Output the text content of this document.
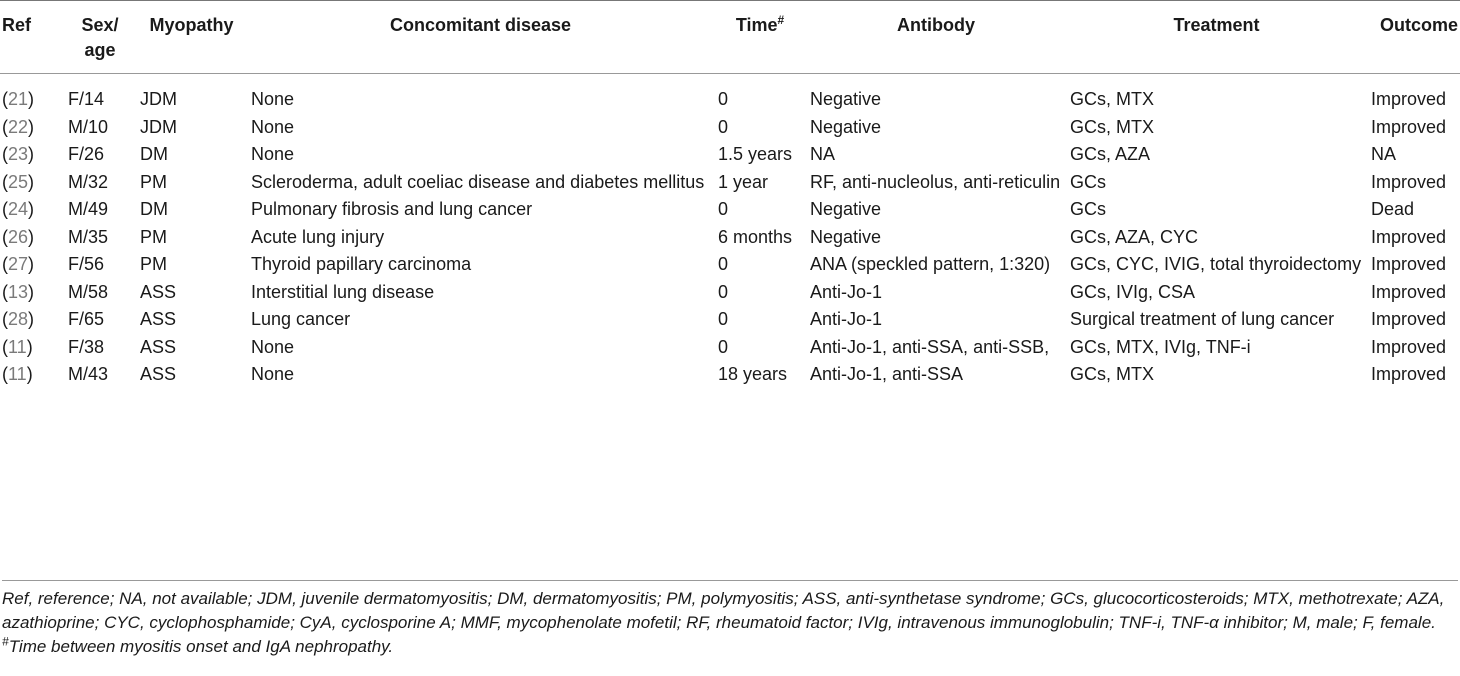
Ref	Sex/ age	Myopathy	Concomitant disease	Time#	Antibody	Treatment	Outcome
(21)	F/14	JDM	None	0	Negative	GCs, MTX	Improved
(22)	M/10	JDM	None	0	Negative	GCs, MTX	Improved
(23)	F/26	DM	None	1.5 years	NA	GCs, AZA	NA
(25)	M/32	PM	Scleroderma, adult coeliac disease and diabetes mellitus	1 year	RF, anti-nucleolus, anti-reticulin	GCs	Improved
(24)	M/49	DM	Pulmonary fibrosis and lung cancer	0	Negative	GCs	Dead
(26)	M/35	PM	Acute lung injury	6 months	Negative	GCs, AZA, CYC	Improved
(27)	F/56	PM	Thyroid papillary carcinoma	0	ANA (speckled pattern, 1:320)	GCs, CYC, IVIG, total thyroidectomy	Improved
(13)	M/58	ASS	Interstitial lung disease	0	Anti-Jo-1	GCs, IVIg, CSA	Improved
(28)	F/65	ASS	Lung cancer	0	Anti-Jo-1	Surgical treatment of lung cancer	Improved
(11)	F/38	ASS	None	0	Anti-Jo-1, anti-SSA, anti-SSB,	GCs, MTX, IVIg, TNF-i	Improved
(11)	M/43	ASS	None	18 years	Anti-Jo-1, anti-SSA	GCs, MTX	Improved

Ref, reference; NA, not available; JDM, juvenile dermatomyositis; DM, dermatomyositis; PM, polymyositis; ASS, anti-synthetase syndrome; GCs, glucocorticosteroids; MTX, methotrexate; AZA, azathioprine; CYC, cyclophosphamide; CyA, cyclosporine A; MMF, mycophenolate mofetil; RF, rheumatoid factor; IVIg, intravenous immunoglobulin; TNF-i, TNF-α inhibitor; M, male; F, female.

#Time between myositis onset and IgA nephropathy.
